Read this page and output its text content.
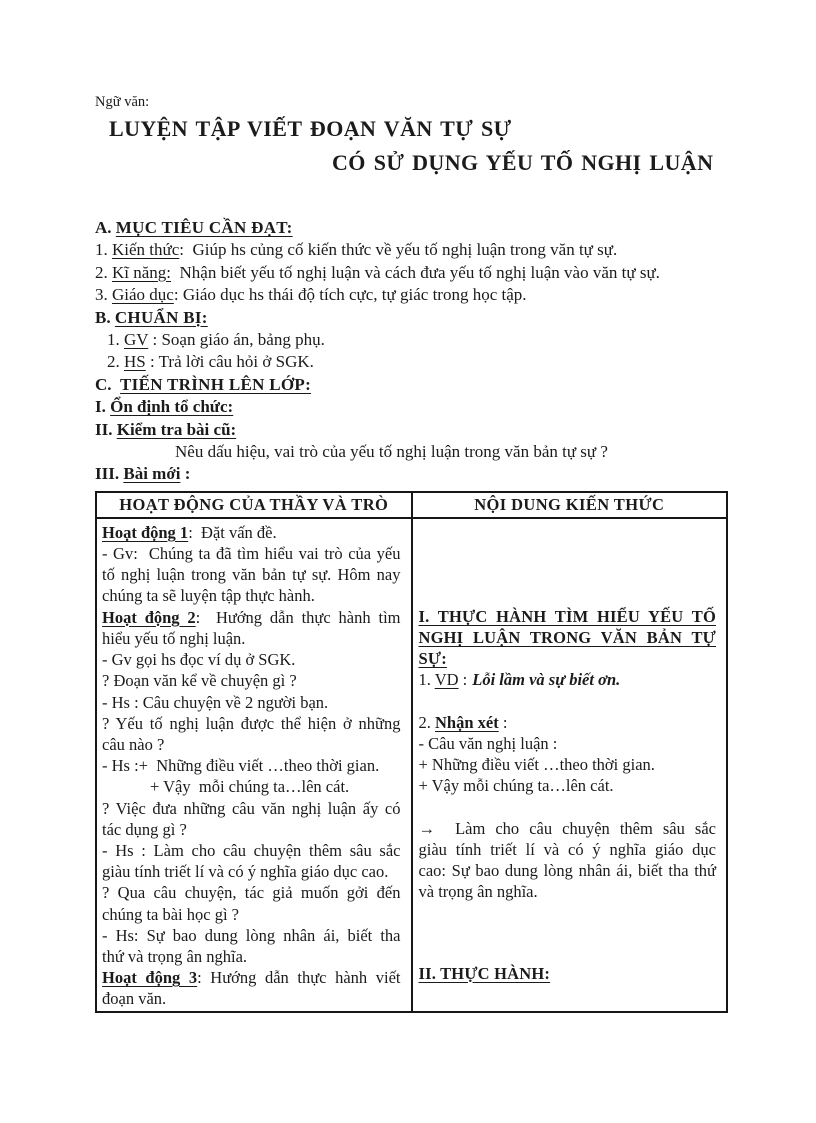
Ngữ văn:
LUYỆN TẬP VIẾT ĐOẠN VĂN TỰ SỰ
CÓ SỬ DỤNG YẾU TỐ NGHỊ LUẬN
A. MỤC TIÊU CẦN ĐẠT:
1. Kiến thức:  Giúp hs củng cố kiến thức về yếu tố nghị luận trong văn tự sự.
2. Kĩ năng:  Nhận biết yếu tố nghị luận và cách đưa yếu tố nghị luận vào văn tự sự.
3. Giáo dục: Giáo dục hs thái độ tích cực, tự giác trong học tập.
B. CHUẨN BỊ:
1. GV : Soạn giáo án, bảng phụ.
2. HS : Trả lời câu hỏi ở SGK.
C.  TIẾN TRÌNH LÊN LỚP:
I. Ổn định tổ chức:
II. Kiểm tra bài cũ:
Nêu dấu hiệu, vai trò của yếu tố nghị luận trong văn bản tự sự ?
III. Bài mới :
HOẠT ĐỘNG CỦA THẦY VÀ TRÒ	NỘI DUNG KIẾN THỨC

Hoạt động 1:  Đặt vấn đề.
- Gv:  Chúng ta đã tìm hiểu vai trò của yếu
tố nghị luận trong văn bản tự sự. Hôm nay
chúng ta sẽ luyện tập thực hành.
Hoạt động 2:  Hướng dẫn thực hành tìm
hiểu yếu tố nghị luận.
- Gv gọi hs đọc ví dụ ở SGK.
? Đoạn văn kể về chuyện gì ?
- Hs : Câu chuyện về 2 người bạn.
? Yếu tố nghị luận được thể hiện ở những
câu nào ?
- Hs :+  Những điều viết …theo thời gian.
+ Vậy  mỗi chúng ta…lên cát.
? Việc đưa những câu văn nghị luận ấy có
tác dụng gì ?
- Hs : Làm cho câu chuyện thêm sâu sắc
giàu tính triết lí và có ý nghĩa giáo dục cao.
? Qua câu chuyện, tác giả muốn gởi đến
chúng ta bài học gì ?
- Hs: Sự bao dung lòng nhân ái, biết tha
thứ và trọng ân nghĩa.
Hoạt động 3: Hướng dẫn thực hành viết
đoạn văn.

I. THỰC HÀNH TÌM HIỂU YẾU TỐ
NGHỊ LUẬN TRONG VĂN BẢN TỰ
SỰ:
1. VD : Lỗi lầm và sự biết ơn.
2. Nhận xét :
- Câu văn nghị luận :
+ Những điều viết …theo thời gian.
+ Vậy mỗi chúng ta…lên cát.
→  Làm cho câu chuyện thêm sâu sắc
giàu tính triết lí và có ý nghĩa giáo dục
cao: Sự bao dung lòng nhân ái, biết tha thứ
và trọng ân nghĩa.
II. THỰC HÀNH:
